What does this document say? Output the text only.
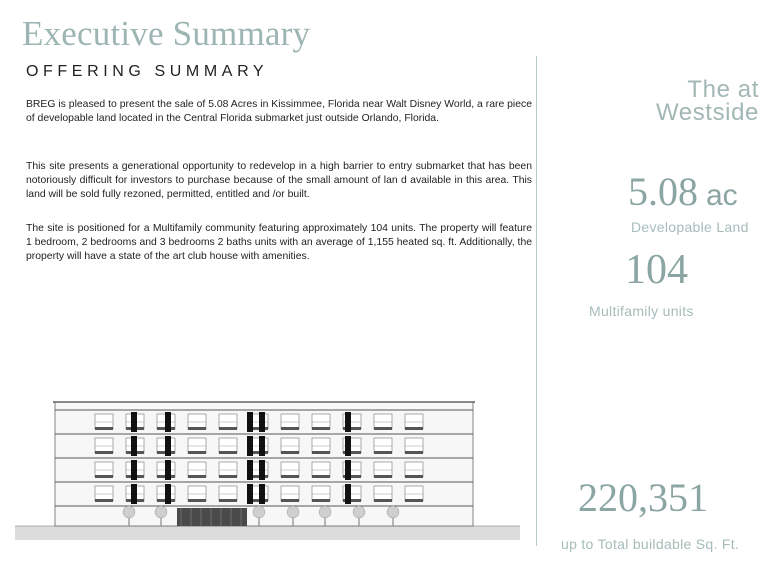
Executive Summary
OFFERING SUMMARY

BREG is pleased to present the sale of 5.08 Acres in Kissimmee, Florida near Walt Disney World, a rare piece of developable land located in the Central Florida submarket just outside Orlando, Florida.

This site presents a generational opportunity to redevelop in a high barrier to entry submarket that has been notoriously difficult for investors to purchase because of the small amount of lan d available in this area. This land will be sold fully rezoned, permitted, entitled and /or built.

The site is positioned for a Multifamily community featuring approximately 104 units. The property will feature 1 bedroom, 2 bedrooms and 3 bedrooms 2 baths units with an average of 1,155 heated sq. ft. Additionally, the property will have a state of the art club house with amenities.

The at
Westside
5.08 ac
Developable Land
104
Multifamily units
220,351
up to Total buildable Sq. Ft.
